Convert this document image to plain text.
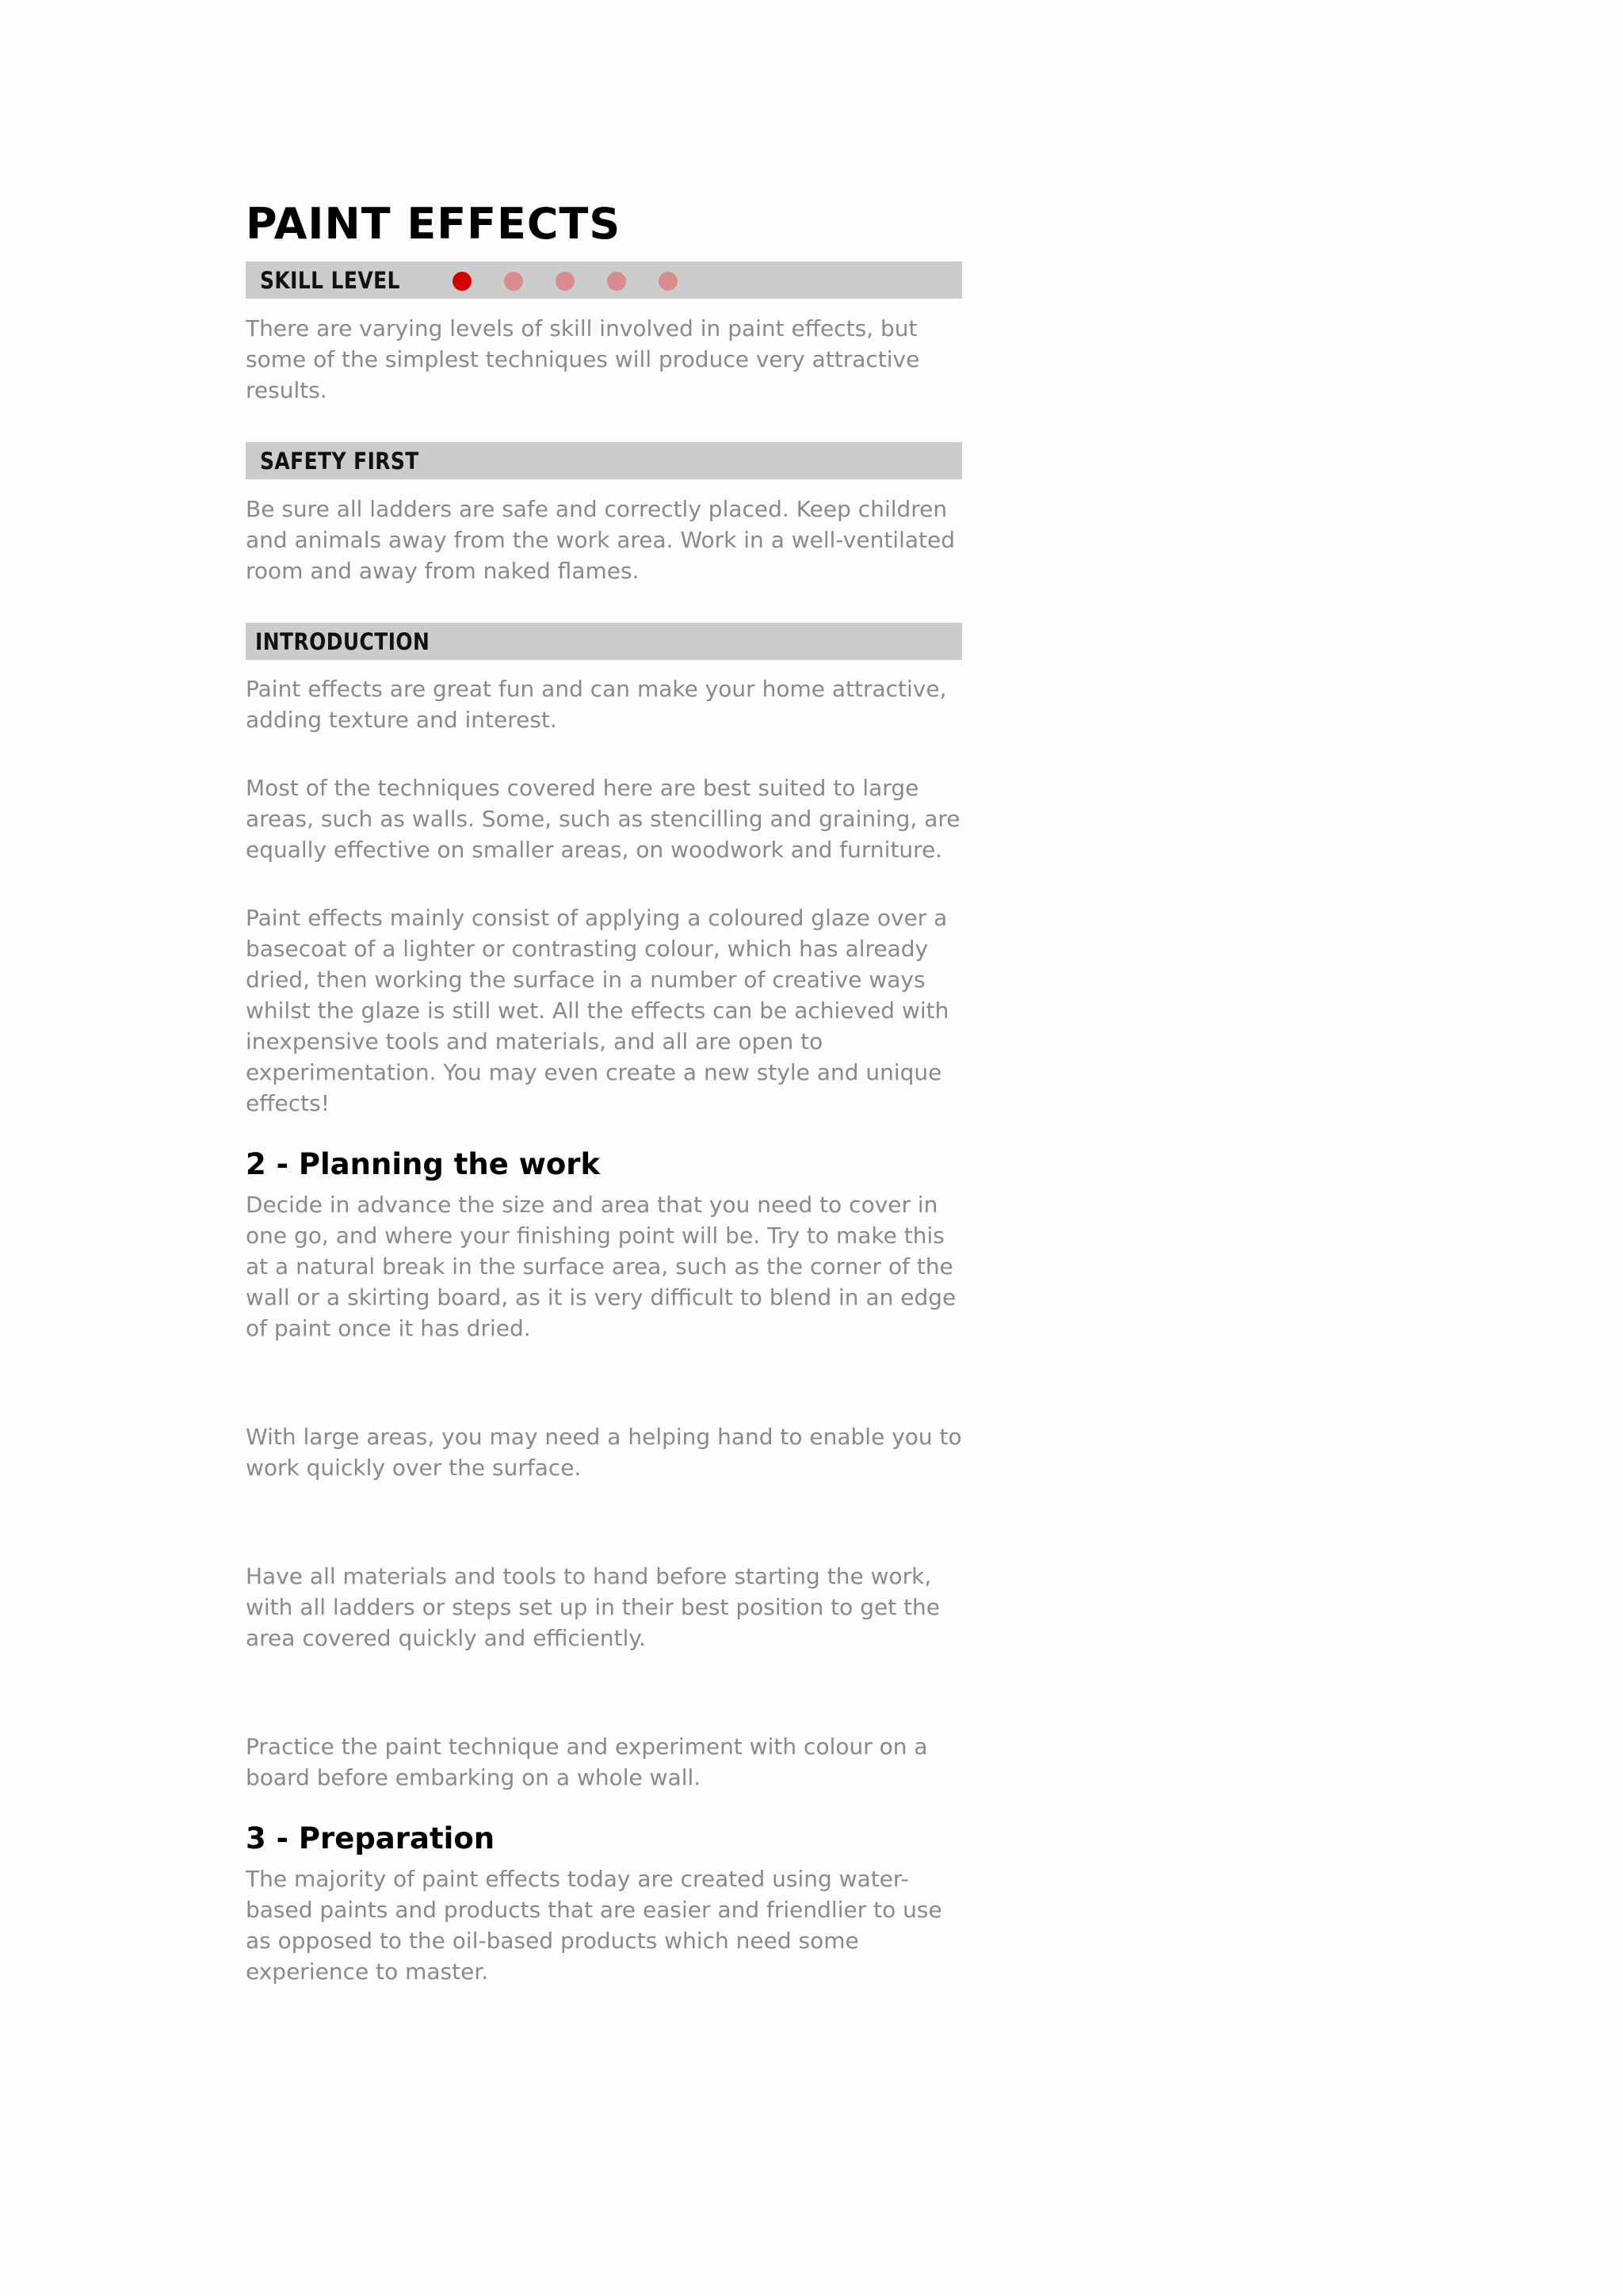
PAINT EFFECTS
SKILL LEVEL

There are varying levels of skill involved in paint effects, but some of the simplest techniques will produce very attractive results.

SAFETY FIRST

Be sure all ladders are safe and correctly placed. Keep children and animals away from the work area. Work in a well-ventilated room and away from naked flames.

INTRODUCTION

Paint effects are great fun and can make your home attractive, adding texture and interest.

Most of the techniques covered here are best suited to large areas, such as walls. Some, such as stencilling and graining, are equally effective on smaller areas, on woodwork and furniture.

Paint effects mainly consist of applying a coloured glaze over a basecoat of a lighter or contrasting colour, which has already dried, then working the surface in a number of creative ways whilst the glaze is still wet. All the effects can be achieved with inexpensive tools and materials, and all are open to experimentation. You may even create a new style and unique effects!

2 - Planning the work

Decide in advance the size and area that you need to cover in one go, and where your finishing point will be. Try to make this at a natural break in the surface area, such as the corner of the wall or a skirting board, as it is very difficult to blend in an edge of paint once it has dried.

With large areas, you may need a helping hand to enable you to work quickly over the surface.

Have all materials and tools to hand before starting the work, with all ladders or steps set up in their best position to get the area covered quickly and efficiently.

Practice the paint technique and experiment with colour on a board before embarking on a whole wall.

3 - Preparation

The majority of paint effects today are created using water-based paints and products that are easier and friendlier to use as opposed to the oil-based products which need some experience to master.
